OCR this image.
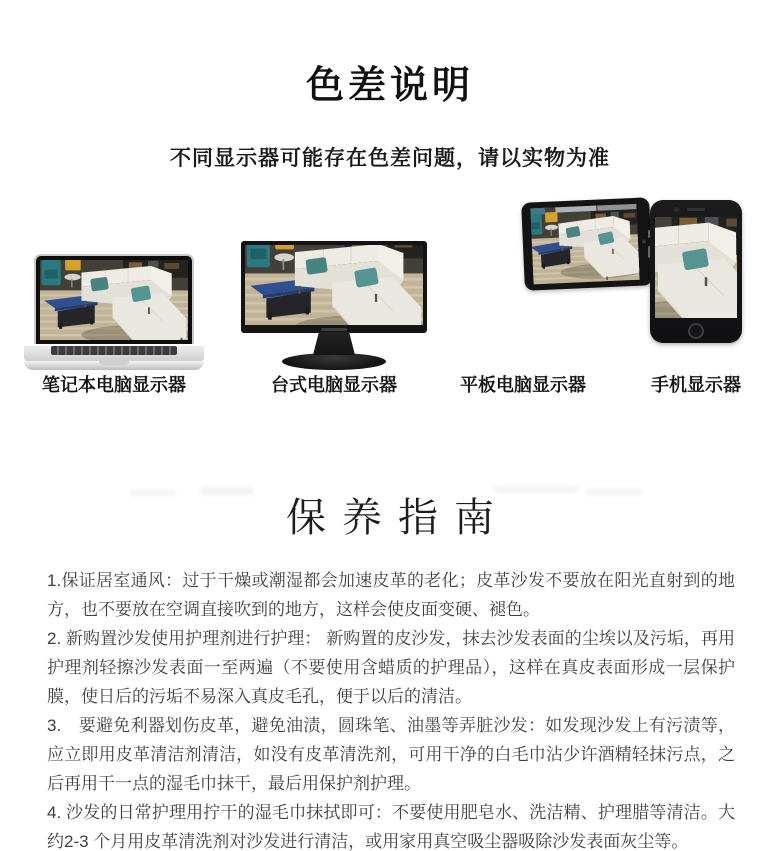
色差说明

不同显示器可能存在色差问题，请以实物为准

笔记本电脑显示器	台式电脑显示器	平板电脑显示器	手机显示器
保养指南

1.保证居室通风：过于干燥或潮湿都会加速皮革的老化；皮革沙发不要放在阳光直射到的地方，也不要放在空调直接吹到的地方，这样会使皮面变硬、褪色。

2. 新购置沙发使用护理剂进行护理： 新购置的皮沙发，抹去沙发表面的尘埃以及污垢，再用护理剂轻擦沙发表面一至两遍（不要使用含蜡质的护理品），这样在真皮表面形成一层保护膜，使日后的污垢不易深入真皮毛孔，便于以后的清洁。

3.　要避免利器划伤皮革，避免油渍，圆珠笔、油墨等弄脏沙发：如发现沙发上有污渍等，应立即用皮革清洁剂清洁，如没有皮革清洗剂，可用干净的白毛巾沾少许酒精轻抹污点，之后再用干一点的湿毛巾抹干，最后用保护剂护理。

4. 沙发的日常护理用拧干的湿毛巾抹拭即可：不要使用肥皂水、洗洁精、护理腊等清洁。大约2-3 个月用皮革清洗剂对沙发进行清洁，或用家用真空吸尘器吸除沙发表面灰尘等。
